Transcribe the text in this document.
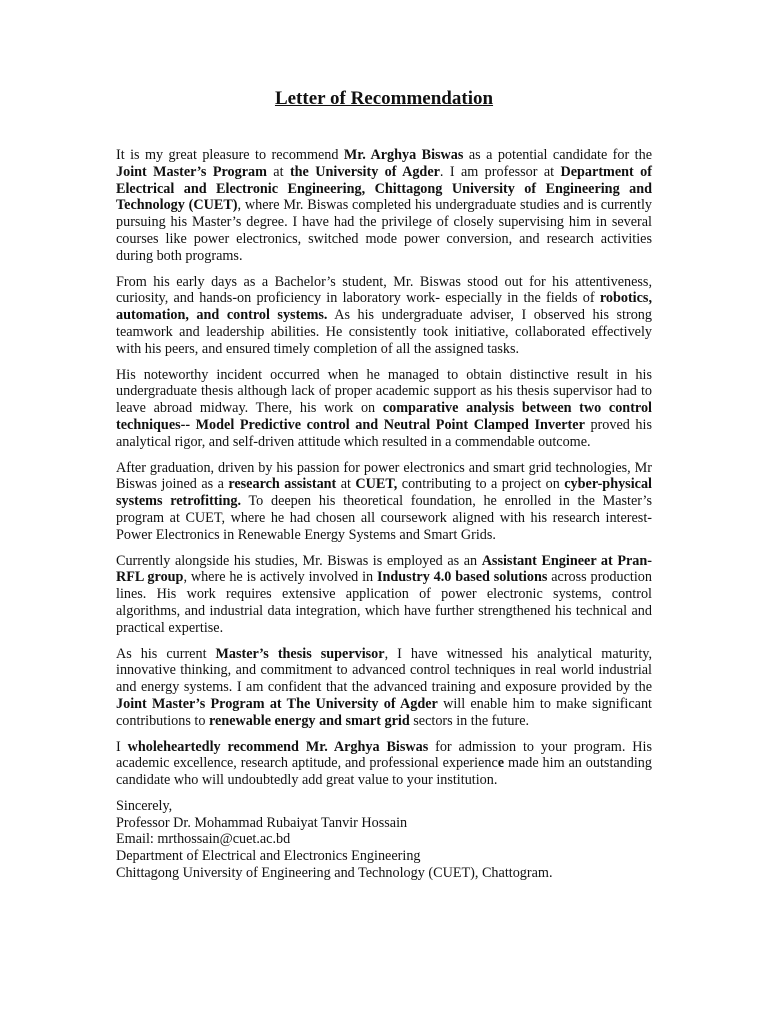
Letter of Recommendation

It is my great pleasure to recommend Mr. Arghya Biswas as a potential candidate for the Joint Master’s Program at the University of Agder. I am professor at Department of Electrical and Electronic Engineering, Chittagong University of Engineering and Technology (CUET), where Mr. Biswas completed his undergraduate studies and is currently pursuing his Master’s degree. I have had the privilege of closely supervising him in several courses like power electronics, switched mode power conversion, and research activities during both programs.

From his early days as a Bachelor’s student, Mr. Biswas stood out for his attentiveness, curiosity, and hands-on proficiency in laboratory work- especially in the fields of robotics, automation, and control systems. As his undergraduate adviser, I observed his strong teamwork and leadership abilities. He consistently took initiative, collaborated effectively with his peers, and ensured timely completion of all the assigned tasks.

His noteworthy incident occurred when he managed to obtain distinctive result in his undergraduate thesis although lack of proper academic support as his thesis supervisor had to leave abroad midway. There, his work on comparative analysis between two control techniques-- Model Predictive control and Neutral Point Clamped Inverter proved his analytical rigor, and self-driven attitude which resulted in a commendable outcome.

After graduation, driven by his passion for power electronics and smart grid technologies, Mr Biswas joined as a research assistant at CUET, contributing to a project on cyber-physical systems retrofitting. To deepen his theoretical foundation, he enrolled in the Master’s program at CUET, where he had chosen all coursework aligned with his research interest- Power Electronics in Renewable Energy Systems and Smart Grids.

Currently alongside his studies, Mr. Biswas is employed as an Assistant Engineer at Pran-RFL group, where he is actively involved in Industry 4.0 based solutions across production lines. His work requires extensive application of power electronic systems, control algorithms, and industrial data integration, which have further strengthened his technical and practical expertise.

As his current Master’s thesis supervisor, I have witnessed his analytical maturity, innovative thinking, and commitment to advanced control techniques in real world industrial and energy systems. I am confident that the advanced training and exposure provided by the Joint Master’s Program at The University of Agder will enable him to make significant contributions to renewable energy and smart grid sectors in the future.

I wholeheartedly recommend Mr. Arghya Biswas for admission to your program. His academic excellence, research aptitude, and professional experience made him an outstanding candidate who will undoubtedly add great value to your institution.

Sincerely,
Professor Dr. Mohammad Rubaiyat Tanvir Hossain
Email: mrthossain@cuet.ac.bd
Department of Electrical and Electronics Engineering
Chittagong University of Engineering and Technology (CUET), Chattogram.
